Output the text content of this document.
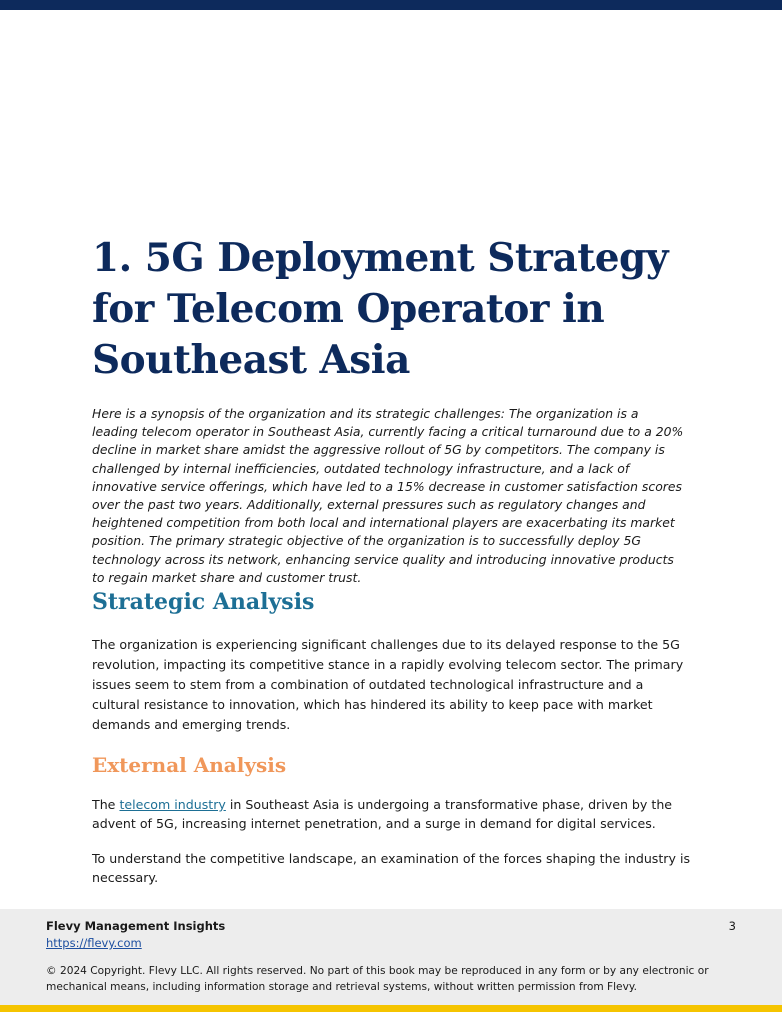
1. 5G Deployment Strategy for Telecom Operator in Southeast Asia

Here is a synopsis of the organization and its strategic challenges: The organization is a leading telecom operator in Southeast Asia, currently facing a critical turnaround due to a 20% decline in market share amidst the aggressive rollout of 5G by competitors. The company is challenged by internal inefficiencies, outdated technology infrastructure, and a lack of innovative service offerings, which have led to a 15% decrease in customer satisfaction scores over the past two years. Additionally, external pressures such as regulatory changes and heightened competition from both local and international players are exacerbating its market position. The primary strategic objective of the organization is to successfully deploy 5G technology across its network, enhancing service quality and introducing innovative products to regain market share and customer trust.

Strategic Analysis

The organization is experiencing significant challenges due to its delayed response to the 5G revolution, impacting its competitive stance in a rapidly evolving telecom sector. The primary issues seem to stem from a combination of outdated technological infrastructure and a cultural resistance to innovation, which has hindered its ability to keep pace with market demands and emerging trends.

External Analysis

The telecom industry in Southeast Asia is undergoing a transformative phase, driven by the advent of 5G, increasing internet penetration, and a surge in demand for digital services.

To understand the competitive landscape, an examination of the forces shaping the industry is necessary.

Flevy Management Insights
https://flevy.com
3
© 2024 Copyright. Flevy LLC. All rights reserved. No part of this book may be reproduced in any form or by any electronic or mechanical means, including information storage and retrieval systems, without written permission from Flevy.
